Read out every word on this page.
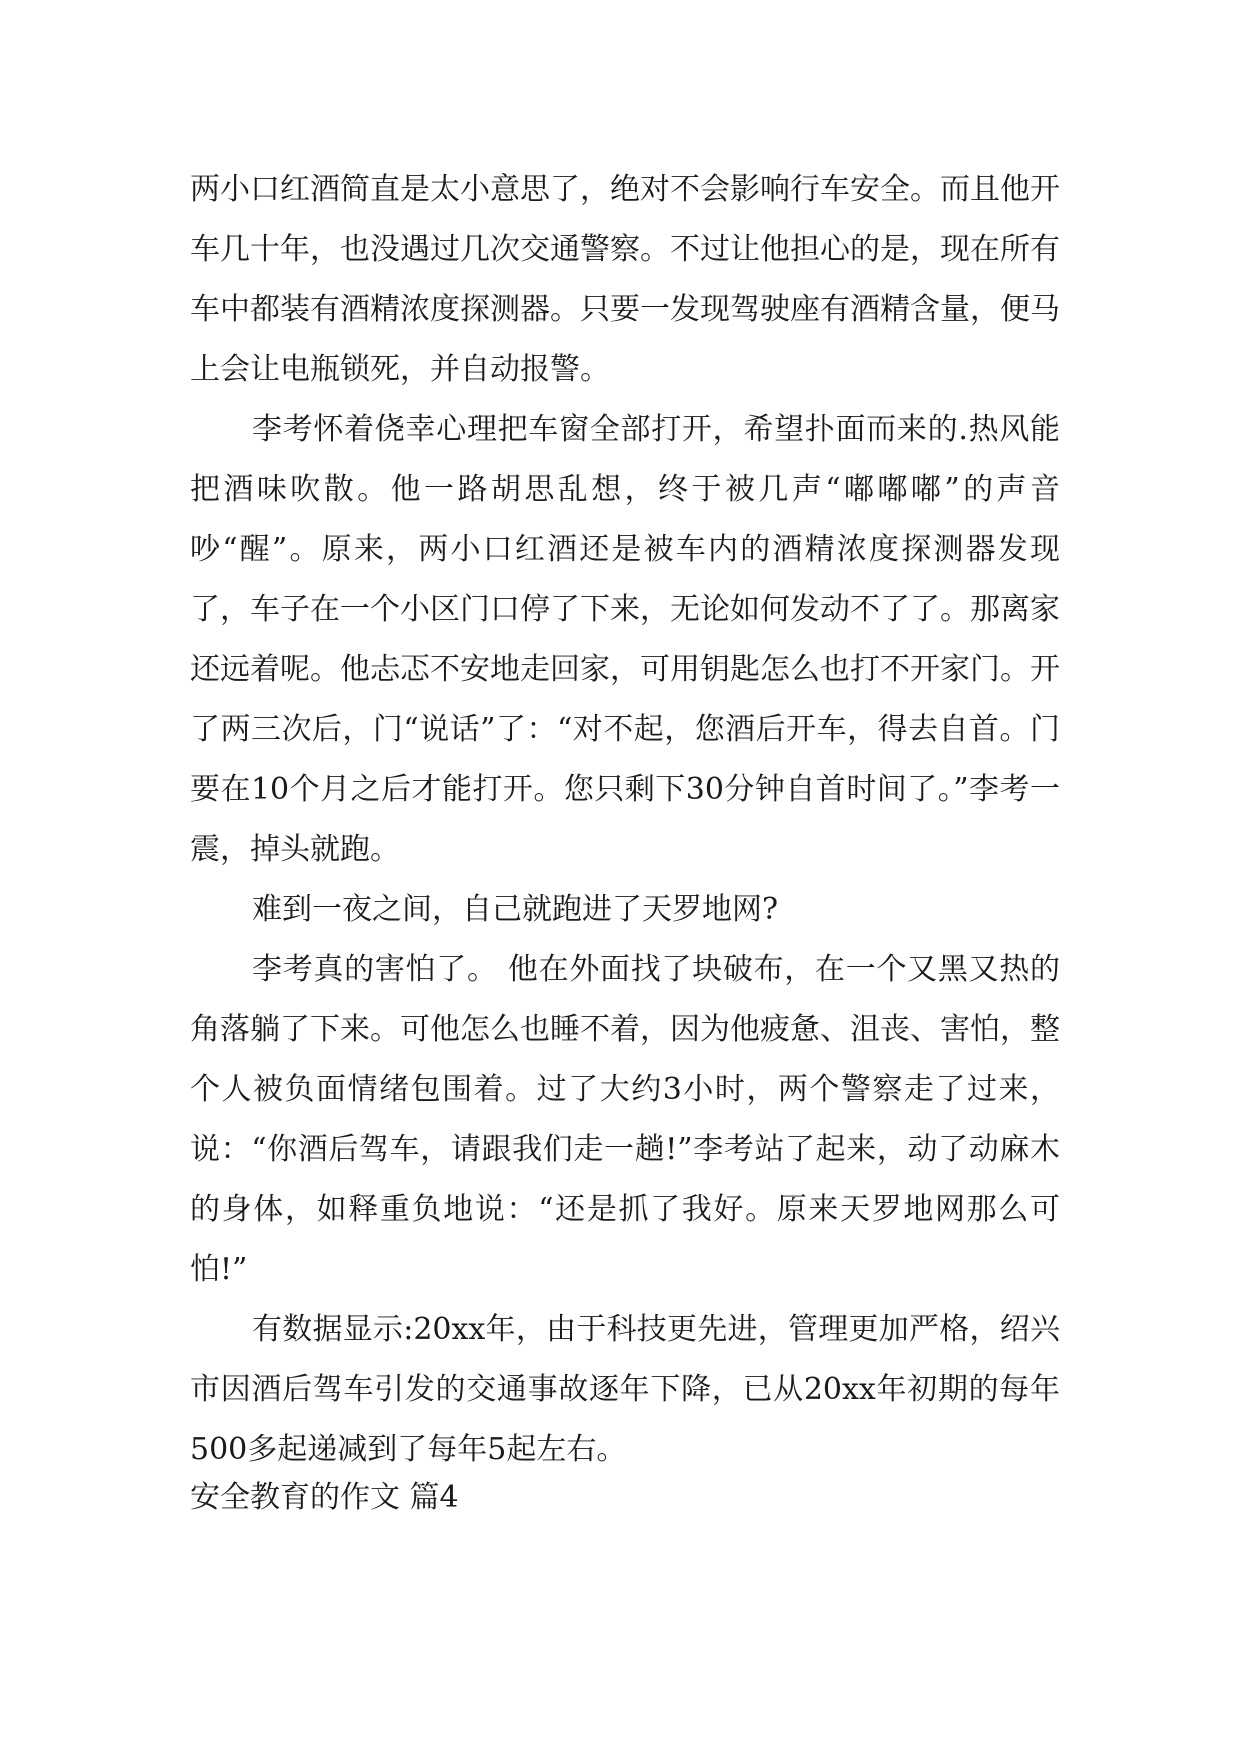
两小口红酒简直是太小意思了，绝对不会影响行车安全。而且他开车几十年，也没遇过几次交通警察。不过让他担心的是，现在所有车中都装有酒精浓度探测器。只要一发现驾驶座有酒精含量，便马上会让电瓶锁死，并自动报警。

李考怀着侥幸心理把车窗全部打开，希望扑面而来的.热风能把酒味吹散。他一路胡思乱想，终于被几声“嘟嘟嘟”的声音吵“醒”。原来，两小口红酒还是被车内的酒精浓度探测器发现了，车子在一个小区门口停了下来，无论如何发动不了了。那离家还远着呢。他忐忑不安地走回家，可用钥匙怎么也打不开家门。开了两三次后，门“说话”了：“对不起，您酒后开车，得去自首。门要在10个月之后才能打开。您只剩下30分钟自首时间了。”李考一震，掉头就跑。

难到一夜之间，自己就跑进了天罗地网?

李考真的害怕了。 他在外面找了块破布，在一个又黑又热的角落躺了下来。可他怎么也睡不着，因为他疲惫、沮丧、害怕，整个人被负面情绪包围着。过了大约3小时，两个警察走了过来，说：“你酒后驾车，请跟我们走一趟!”李考站了起来，动了动麻木的身体，如释重负地说：“还是抓了我好。原来天罗地网那么可怕!”

有数据显示:20xx年，由于科技更先进，管理更加严格，绍兴市因酒后驾车引发的交通事故逐年下降，已从20xx年初期的每年500多起递减到了每年5起左右。

安全教育的作文 篇4
